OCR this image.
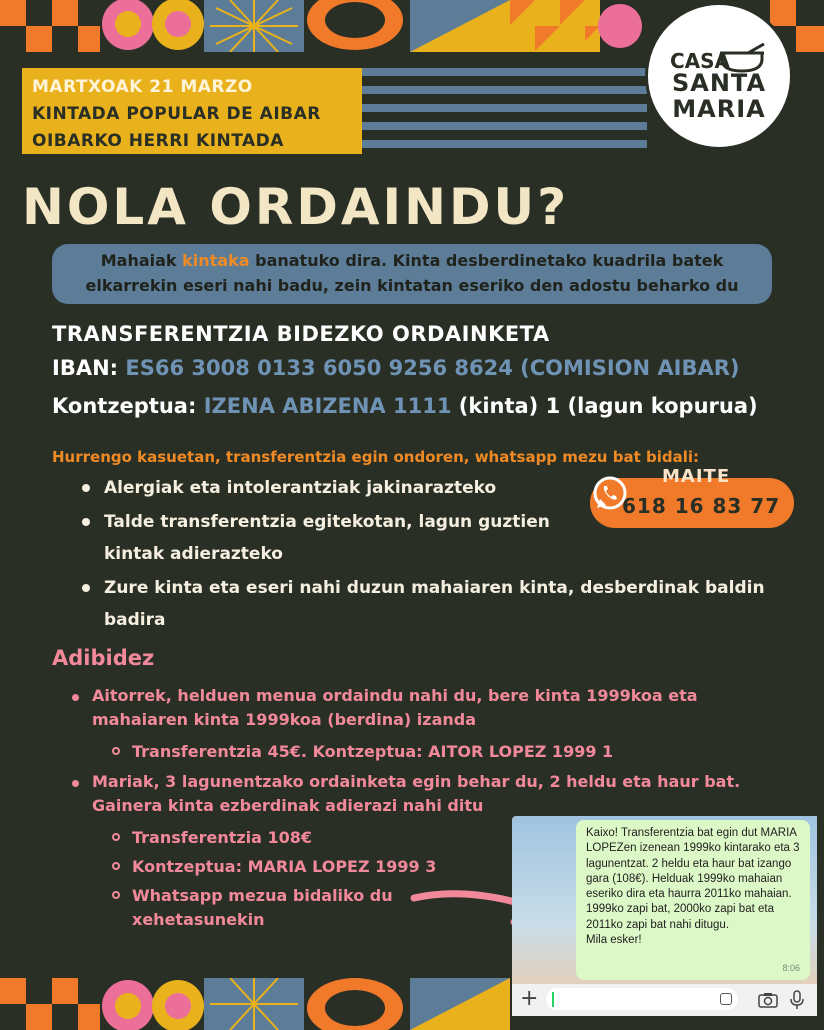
MARTXOAK 21 MARZO
KINTADA POPULAR DE AIBAR
OIBARKO HERRI KINTADA
CASA
SANTA
MARIA
NOLA ORDAINDU?
Mahaiak kintaka banatuko dira. Kinta desberdinetako kuadrila batek elkarrekin eseri nahi badu, zein kintatan eseriko den adostu beharko du
TRANSFERENTZIA BIDEZKO ORDAINKETA
IBAN: ES66 3008 0133 6050 9256 8624 (COMISION AIBAR)
Kontzeptua: IZENA ABIZENA 1111 (kinta) 1 (lagun kopurua)
Hurrengo kasuetan, transferentzia egin ondoren, whatsapp mezu bat bidali:
Alergiak eta intolerantziak jakinarazteko
Talde transferentzia egitekotan, lagun guztien kintak adierazteko
Zure kinta eta eseri nahi duzun mahaiaren kinta, desberdinak baldin badira
MAITE
618 16 83 77
Adibidez
Aitorrek, helduen menua ordaindu nahi du, bere kinta 1999koa eta mahaiaren kinta 1999koa (berdina) izanda
Transferentzia 45€. Kontzeptua: AITOR LOPEZ 1999 1
Mariak, 3 lagunentzako ordainketa egin behar du, 2 heldu eta haur bat. Gainera kinta ezberdinak adierazi nahi ditu
Transferentzia 108€
Kontzeptua: MARIA LOPEZ 1999 3
Whatsapp mezua bidaliko du xehetasunekin
Kaixo! Transferentzia bat egin dut MARIA LOPEZen izenean 1999ko kintarako eta 3 lagunentzat. 2 heldu eta haur bat izango gara (108€). Helduak 1999ko mahaian eseriko dira eta haurra 2011ko mahaian. 1999ko zapi bat, 2000ko zapi bat eta 2011ko zapi bat nahi ditugu.
Mila esker!
8:06
+
